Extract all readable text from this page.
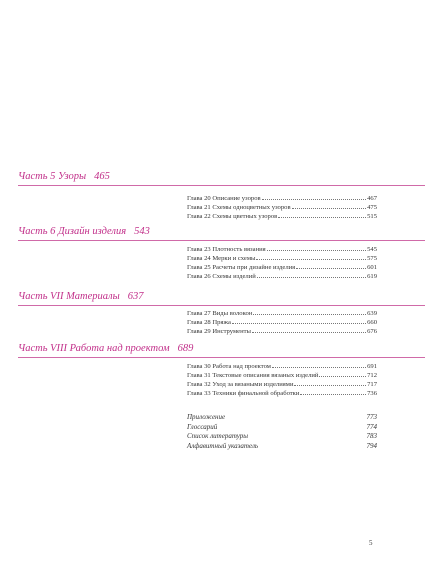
Часть 5 Узоры 465
Глава 20 Описание узоров	467
Глава 21 Схемы одноцветных узоров	475
Глава 22 Схемы цветных узоров	515
Часть 6 Дизайн изделия 543
Глава 23 Плотность вязания	545
Глава 24 Мерки и схемы	575
Глава 25 Расчеты при дизайне изделия	601
Глава 26 Схемы изделий	619
Часть VII Материалы 637
Глава 27 Виды волокон	639
Глава 28 Пряжа	660
Глава 29 Инструменты	676
Часть VIII Работа над проектом 689
Глава 30 Работа над проектом	691
Глава 31 Текстовые описания вязаных изделий	712
Глава 32 Уход за вязаными изделиями	717
Глава 33 Техники финальной обработки	736
Приложение	773
Глоссарий	774
Список литературы	783
Алфавитный указатель	794
5
